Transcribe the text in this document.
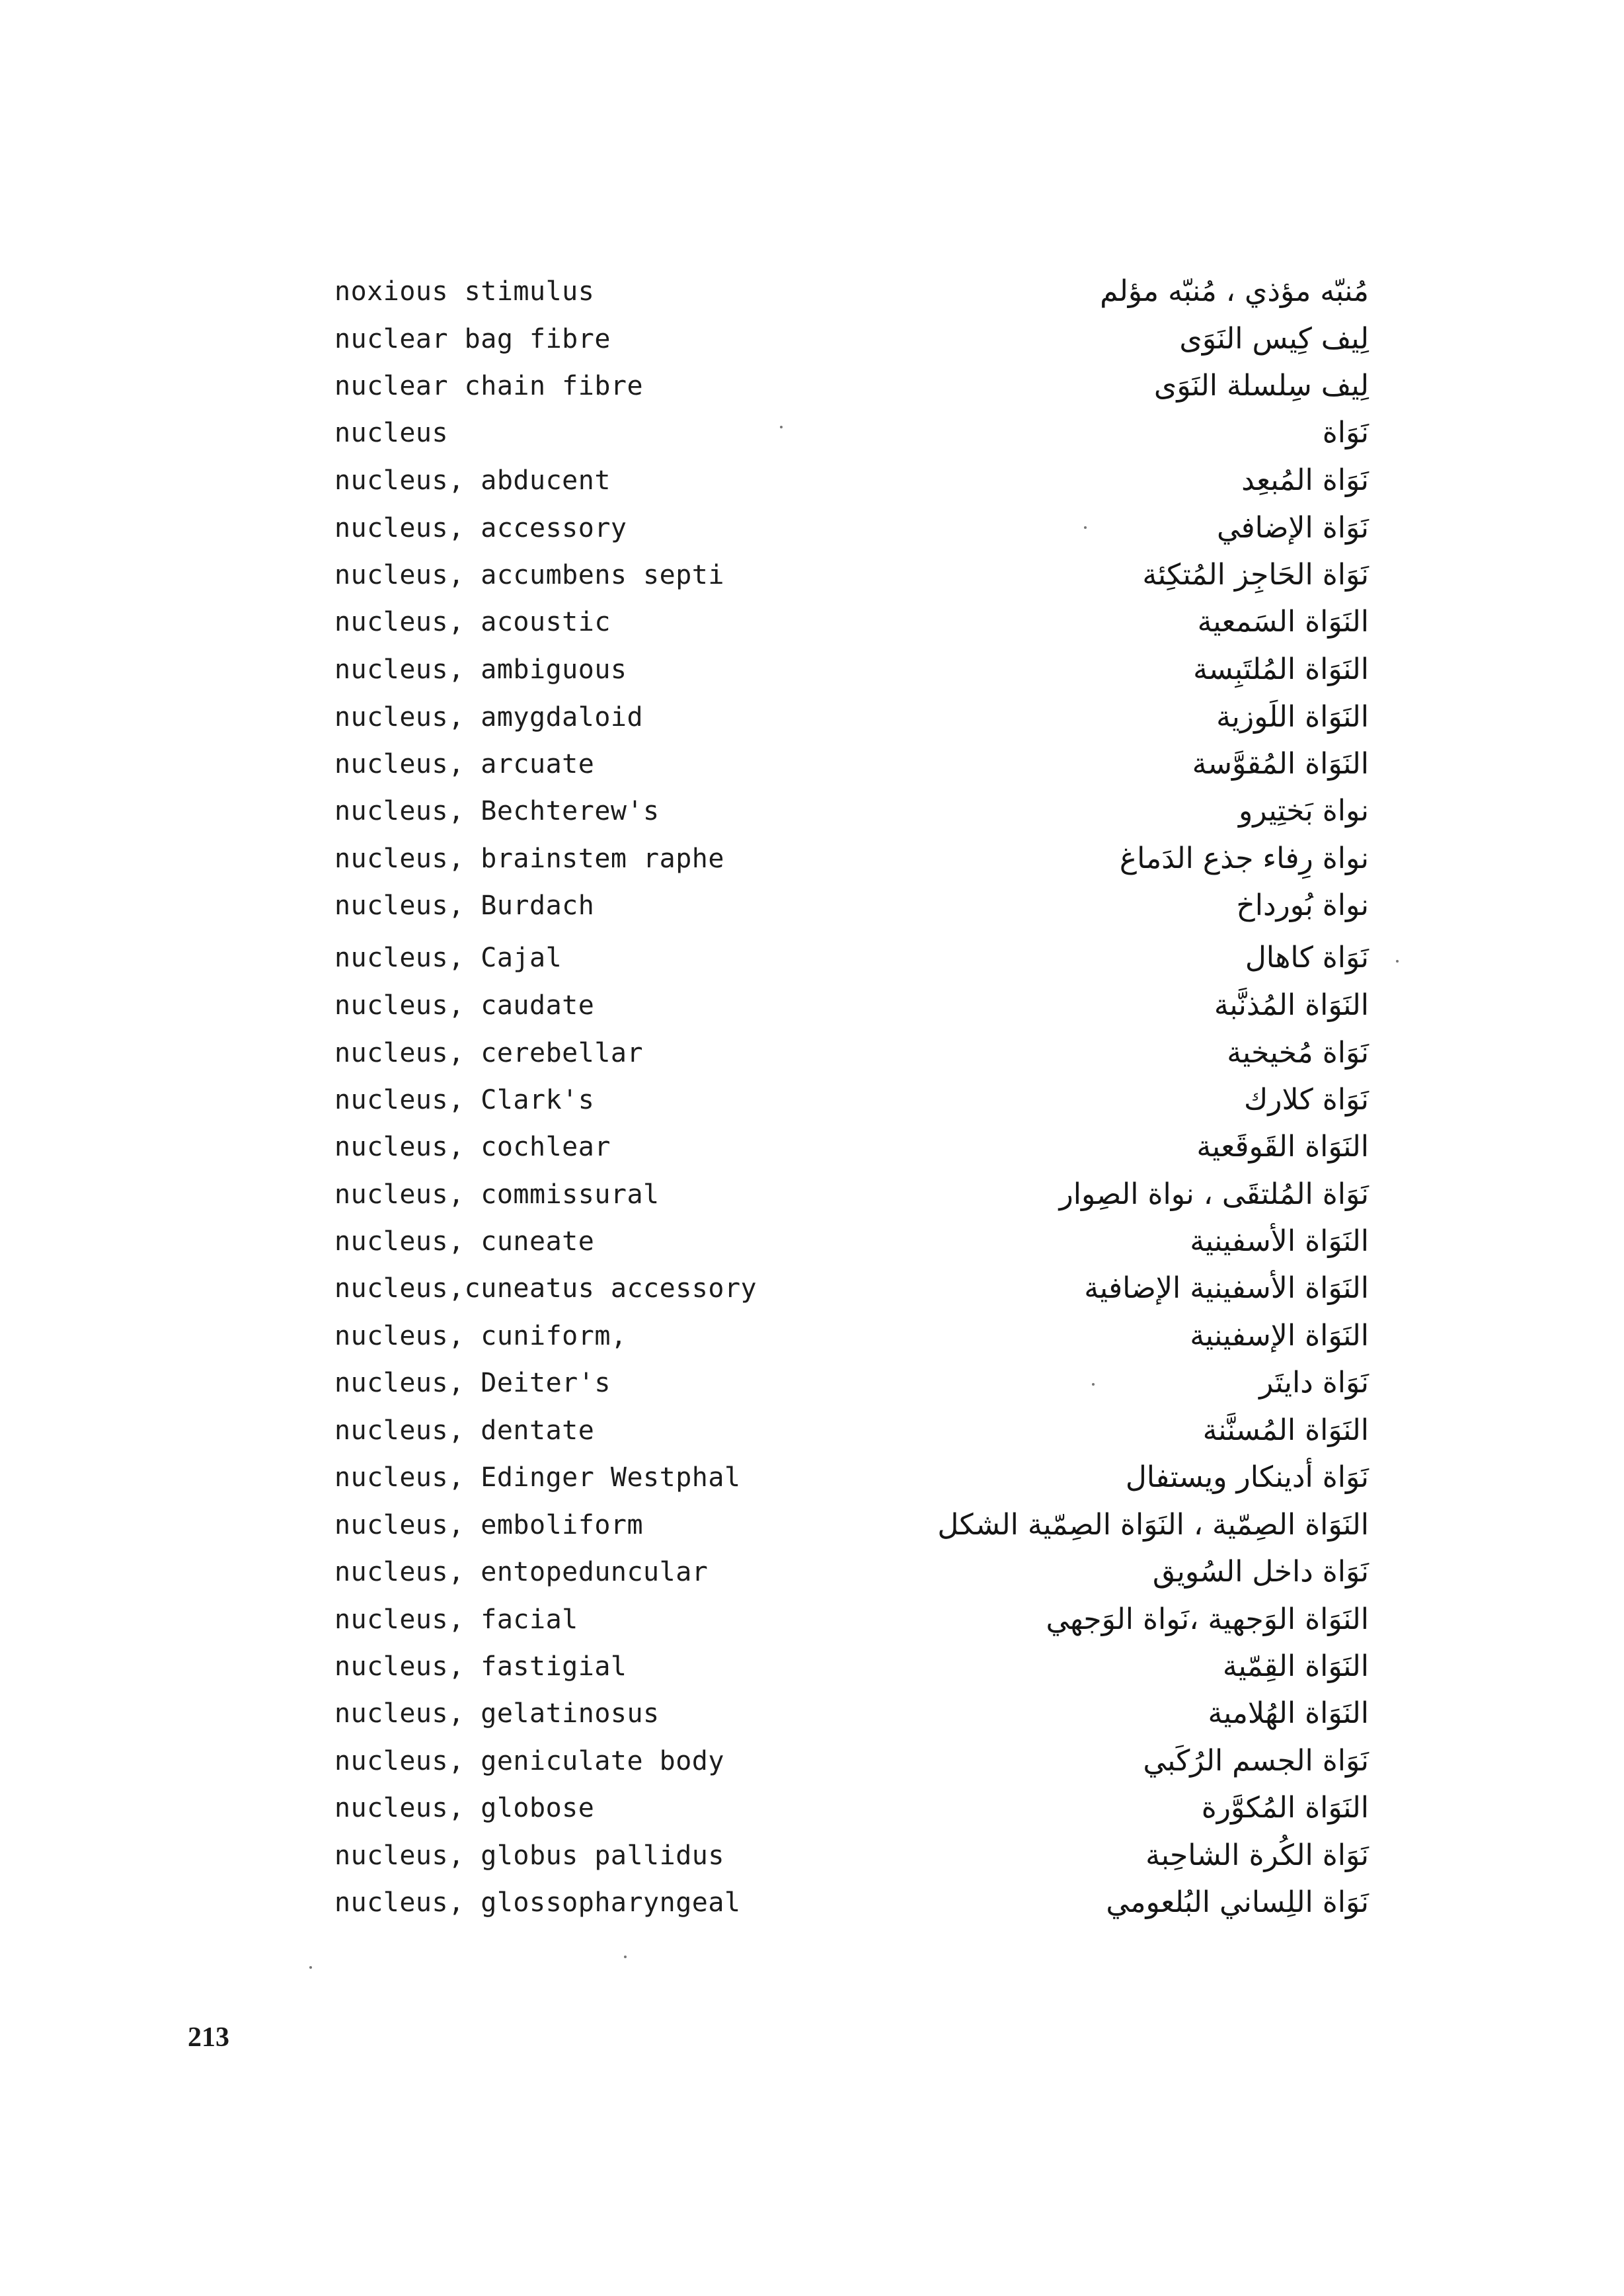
noxious stimulus	مُنبّه مؤذي ، مُنبّه مؤلم
nuclear bag fibre	لِيف كِيس النَوَى
nuclear chain fibre	لِيف سِلسلة النَوَى
nucleus	نَوَاة
nucleus, abducent	نَوَاة المُبعِد
nucleus, accessory	نَوَاة الإضافي
nucleus, accumbens septi	نَوَاة الحَاجِز المُتكِئة
nucleus, acoustic	النَوَاة السَمعية
nucleus, ambiguous	النَوَاة المُلتَبِسة
nucleus, amygdaloid	النَوَاة اللَوزية
nucleus, arcuate	النَوَاة المُقوَّسة
nucleus, Bechterew's	نواة بَختِيرو
nucleus, brainstem raphe	نواة رِفاء جذع الدَماغ
nucleus, Burdach	نواة بُورداخ
nucleus, Cajal	نَوَاة كاهال
nucleus, caudate	النَوَاة المُذنَّبة
nucleus, cerebellar	نَوَاة مُخيخية
nucleus, Clark's	نَوَاة كلارك
nucleus, cochlear	النَوَاة القَوقَعية
nucleus, commissural	نَوَاة المُلتقَى ، نواة الصِوار
nucleus, cuneate	النَوَاة الأسفينية
nucleus,cuneatus accessory	النَوَاة الأسفينية الإضافية
nucleus, cuniform,	النَوَاة الإسفينية
nucleus, Deiter's	نَوَاة دايتَر
nucleus, dentate	النَوَاة المُسنَّنة
nucleus, Edinger Westphal	نَوَاة أدينكار ويستفال
nucleus, emboliform	النَوَاة الصِمّية ، النَوَاة الصِمّية الشكل
nucleus, entopeduncular	نَوَاة داخل السُويق
nucleus, facial	النَوَاة الوَجهية ،نَواة الوَجهي
nucleus, fastigial	النَوَاة القِمّية
nucleus, gelatinosus	النَوَاة الهُلامية
nucleus, geniculate body	نَوَاة الجسم الرُكَبي
nucleus, globose	النَوَاة المُكوَّرة
nucleus, globus pallidus	نَوَاة الكُرة الشاحِبة
nucleus, glossopharyngeal	نَوَاة اللِساني البُلعومي
213
